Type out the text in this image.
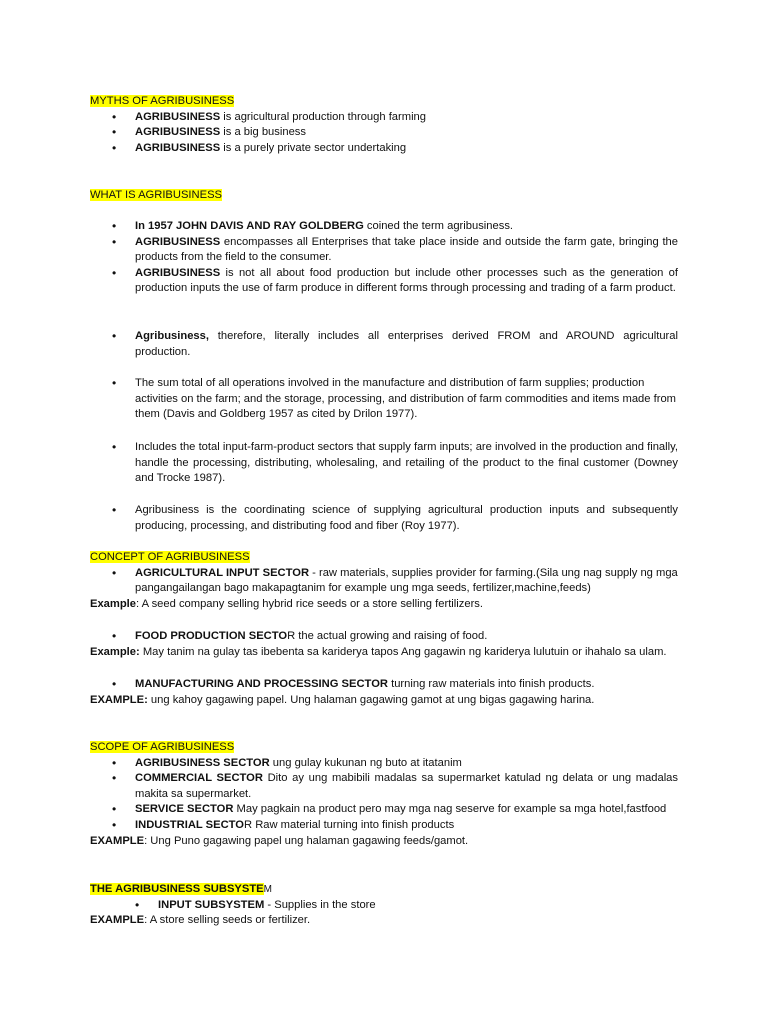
MYTHS OF AGRIBUSINESS
• AGRIBUSINESS is agricultural production through farming
• AGRIBUSINESS is a big business
• AGRIBUSINESS is a purely private sector undertaking
WHAT IS AGRIBUSINESS
• In 1957 JOHN DAVIS AND RAY GOLDBERG coined the term agribusiness.
• AGRIBUSINESS encompasses all Enterprises that take place inside and outside the farm gate, bringing the products from the field to the consumer.
• AGRIBUSINESS is not all about food production but include other processes such as the generation of production inputs the use of farm produce in different forms through processing and trading of a farm product.
• Agribusiness, therefore, literally includes all enterprises derived FROM and AROUND agricultural production.
• The sum total of all operations involved in the manufacture and distribution of farm supplies; production activities on the farm; and the storage, processing, and distribution of farm commodities and items made from them (Davis and Goldberg 1957 as cited by Drilon 1977).
• Includes the total input-farm-product sectors that supply farm inputs; are involved in the production and finally, handle the processing, distributing, wholesaling, and retailing of the product to the final customer (Downey and Trocke 1987).
• Agribusiness is the coordinating science of supplying agricultural production inputs and subsequently producing, processing, and distributing food and fiber (Roy 1977).
CONCEPT OF AGRIBUSINESS
• AGRICULTURAL INPUT SECTOR - raw materials, supplies provider for farming.(Sila ung nag supply ng mga pangangailangan bago makapagtanim for example ung mga seeds, fertilizer,machine,feeds)
Example: A seed company selling hybrid rice seeds or a store selling fertilizers.
• FOOD PRODUCTION SECTOR the actual growing and raising of food.
Example: May tanim na gulay tas ibebenta sa karideryа tapos Ang gagawin ng kariderya lulutuin or ihahalo sa ulam.
• MANUFACTURING AND PROCESSING SECTOR turning raw materials into finish products.
EXAMPLE: ung kahoy gagawing papel. Ung halaman gagawing gamot at ung bigas gagawing harina.
SCOPE OF AGRIBUSINESS
• AGRIBUSINESS SECTOR ung gulay kukunan ng buto at itatanim
• COMMERCIAL SECTOR Dito ay ung mabibili madalas sa supermarket katulad ng delata or ung madalas makita sa supermarket.
• SERVICE SECTOR May pagkain na product pero may mga nag seserve for example sa mga hotel,fastfood
• INDUSTRIAL SECTOR Raw material turning into finish products
EXAMPLE: Ung Puno gagawing papel ung halaman gagawing feeds/gamot.
THE AGRIBUSINESS SUBSYSTEM
• INPUT SUBSYSTEM - Supplies in the store
EXAMPLE: A store selling seeds or fertilizer.
